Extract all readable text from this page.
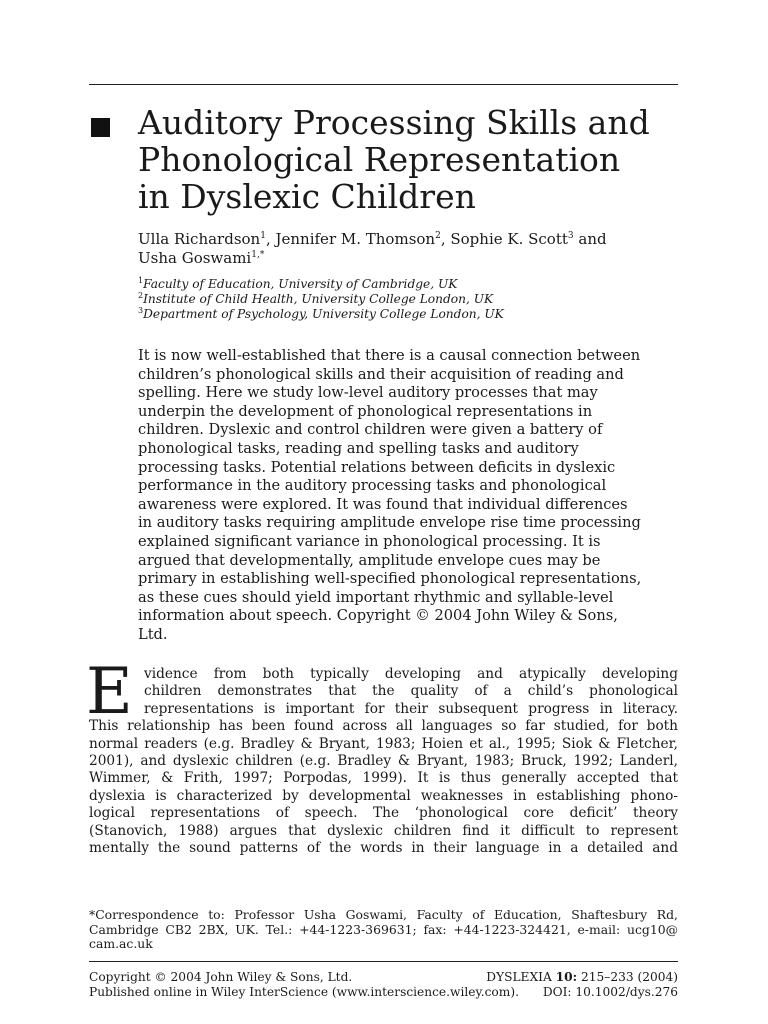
Auditory Processing Skills and
Phonological Representation
in Dyslexic Children
Ulla Richardson$^1$, Jennifer M. Thomson$^2$, Sophie K. Scott$^3$ and
Usha Goswami$^{1,*}$
$^1$Faculty of Education, University of Cambridge, UK
$^2$Institute of Child Health, University College London, UK
$^3$Department of Psychology, University College London, UK
It is now well-established that there is a causal connection between
children’s phonological skills and their acquisition of reading and
spelling. Here we study low-level auditory processes that may
underpin the development of phonological representations in
children. Dyslexic and control children were given a battery of
phonological tasks, reading and spelling tasks and auditory
processing tasks. Potential relations between deficits in dyslexic
performance in the auditory processing tasks and phonological
awareness were explored. It was found that individual differences
in auditory tasks requiring amplitude envelope rise time processing
explained significant variance in phonological processing. It is
argued that developmentally, amplitude envelope cues may be
primary in establishing well-specified phonological representations,
as these cues should yield important rhythmic and syllable-level
information about speech. Copyright © 2004 John Wiley & Sons,
Ltd.
E vidence from both typically developing and atypically developing
children demonstrates that the quality of a child’s phonological
representations is important for their subsequent progress in literacy.
This relationship has been found across all languages so far studied, for both
normal readers (e.g. Bradley & Bryant, 1983; Hoien et al., 1995; Siok & Fletcher,
2001), and dyslexic children (e.g. Bradley & Bryant, 1983; Bruck, 1992; Landerl,
Wimmer, & Frith, 1997; Porpodas, 1999). It is thus generally accepted that
dyslexia is characterized by developmental weaknesses in establishing phono-
logical representations of speech. The ‘phonological core deficit’ theory
(Stanovich, 1988) argues that dyslexic children find it difficult to represent
mentally the sound patterns of the words in their language in a detailed and
*Correspondence to: Professor Usha Goswami, Faculty of Education, Shaftesbury Rd,
Cambridge CB2 2BX, UK. Tel.: +44-1223-369631; fax: +44-1223-324421, e-mail: ucg10@
cam.ac.uk
Copyright © 2004 John Wiley & Sons, Ltd.	DYSLEXIA 10: 215–233 (2004)
Published online in Wiley InterScience (www.interscience.wiley.com). DOI: 10.1002/dys.276
